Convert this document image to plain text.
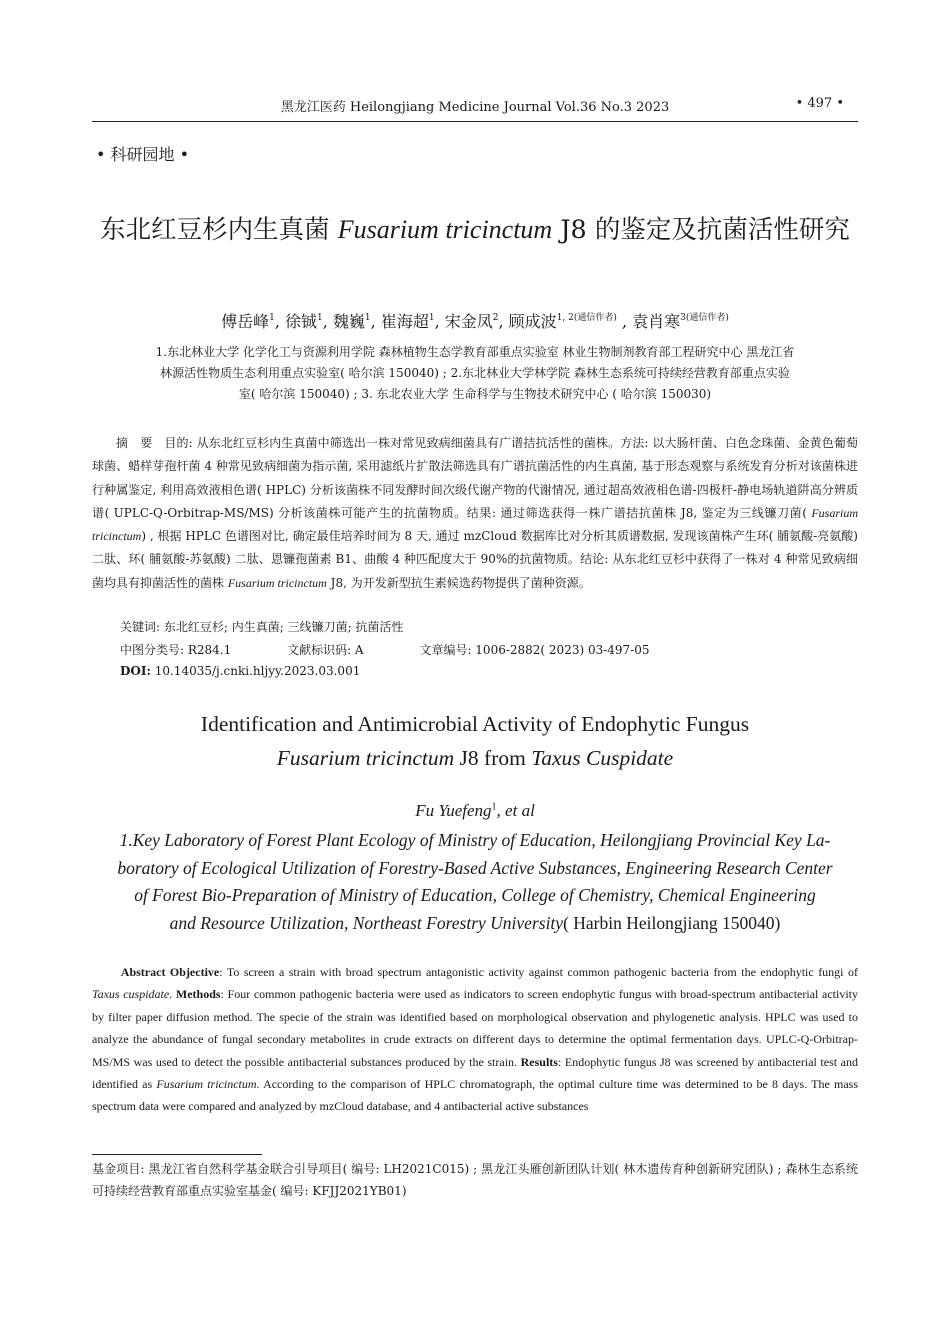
黑龙江医药 Heilongjiang Medicine Journal Vol.36 No.3 2023	• 497 •
• 科研园地 •
东北红豆杉内生真菌 Fusarium tricinctum J8 的鉴定及抗菌活性研究
傅岳峰$^1$, 徐铖$^1$, 魏巍$^1$, 崔海超$^1$, 宋金凤$^2$, 顾成波$^{1, 2(通信作者)}$ , 袁肖寒$^{3(通信作者)}$
1.东北林业大学 化学化工与资源利用学院 森林植物生态学教育部重点实验室 林业生物制剂教育部工程研究中心 黑龙江省
林源活性物质生态利用重点实验室( 哈尔滨 150040) ; 2.东北林业大学林学院 森林生态系统可持续经营教育部重点实验
室( 哈尔滨 150040) ; 3. 东北农业大学 生命科学与生物技术研究中心 ( 哈尔滨 150030)

摘　要　目的: 从东北红豆杉内生真菌中筛选出一株对常见致病细菌具有广谱拮抗活性的菌株。方法: 以大肠杆菌、白色念珠菌、金黄色葡萄球菌、蜡样芽孢杆菌 4 种常见致病细菌为指示菌, 采用滤纸片扩散法筛选具有广谱抗菌活性的内生真菌, 基于形态观察与系统发育分析对该菌株进行种属鉴定, 利用高效液相色谱( HPLC) 分析该菌株不同发酵时间次级代谢产物的代谢情况, 通过超高效液相色谱-四极杆-静电场轨道阱高分辨质谱( UPLC-Q-Orbitrap-MS/MS) 分析该菌株可能产生的抗菌物质。结果: 通过筛选获得一株广谱拮抗菌株 J8, 鉴定为三线镰刀菌( Fusarium tricinctum) , 根据 HPLC 色谱图对比, 确定最佳培养时间为 8 天, 通过 mzCloud 数据库比对分析其质谱数据, 发现该菌株产生环( 脯氨酸-亮氨酸) 二肽、环( 脯氨酸-苏氨酸) 二肽、恩镰孢菌素 B1、曲酸 4 种匹配度大于 90%的抗菌物质。结论: 从东北红豆杉中获得了一株对 4 种常见致病细菌均具有抑菌活性的菌株 Fusarium tricinctum J8, 为开发新型抗生素候选药物提供了菌种资源。

关键词: 东北红豆杉; 内生真菌; 三线镰刀菌; 抗菌活性
中图分类号: R284.1	文献标识码: A	文章编号: 1006-2882( 2023) 03-497-05
DOI: 10.14035/j.cnki.hljyy.2023.03.001
Identification and Antimicrobial Activity of Endophytic Fungus
Fusarium tricinctum J8 from Taxus Cuspidate
Fu Yuefeng$^1$, et al
1.Key Laboratory of Forest Plant Ecology of Ministry of Education, Heilongjiang Provincial Key La-
boratory of Ecological Utilization of Forestry-Based Active Substances, Engineering Research Center
of Forest Bio-Preparation of Ministry of Education, College of Chemistry, Chemical Engineering
and Resource Utilization, Northeast Forestry University( Harbin Heilongjiang 150040)

Abstract Objective: To screen a strain with broad spectrum antagonistic activity against common pathogenic bacteria from the endophytic fungi of Taxus cuspidate. Methods: Four common pathogenic bacteria were used as indicators to screen endophytic fungus with broad-spectrum antibacterial activity by filter paper diffusion method. The specie of the strain was identified based on morphological observation and phylogenetic analysis. HPLC was used to analyze the abundance of fungal secondary metabolites in crude extracts on different days to determine the optimal fermentation days. UPLC-Q-Orbitrap-MS/MS was used to detect the possible antibacterial substances produced by the strain. Results: Endophytic fungus J8 was screened by antibacterial test and identified as Fusarium tricinctum. According to the comparison of HPLC chromatograph, the optimal culture time was determined to be 8 days. The mass spectrum data were compared and analyzed by mzCloud database, and 4 antibacterial active substances

基金项目: 黑龙江省自然科学基金联合引导项目( 编号: LH2021C015) ; 黑龙江头雁创新团队计划( 林木遗传育种创新研究团队) ; 森林生态系统可持续经营教育部重点实验室基金( 编号: KFJJ2021YB01)
